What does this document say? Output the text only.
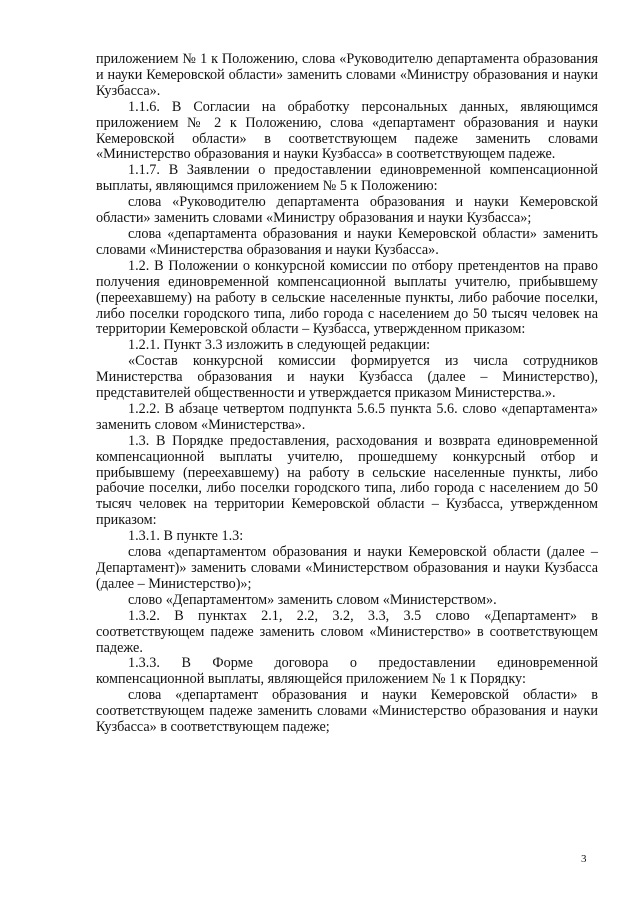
приложением № 1 к Положению, слова «Руководителю департамента образования и науки Кемеровской области» заменить словами «Министру образования и науки Кузбасса».

1.1.6. В Согласии на обработку персональных данных, являющимся приложением № 2 к Положению, слова «департамент образования и науки Кемеровской области» в соответствующем падеже заменить словами «Министерство образования и науки Кузбасса» в соответствующем падеже.

1.1.7. В Заявлении о предоставлении единовременной компенсационной выплаты, являющимся приложением № 5 к Положению:

слова «Руководителю департамента образования и науки Кемеровской области» заменить словами «Министру образования и науки Кузбасса»;

слова «департамента образования и науки Кемеровской области» заменить словами «Министерства образования и науки Кузбасса».

1.2. В Положении о конкурсной комиссии по отбору претендентов на право получения единовременной компенсационной выплаты учителю, прибывшему (переехавшему) на работу в сельские населенные пункты, либо рабочие поселки, либо поселки городского типа, либо города с населением до 50 тысяч человек на территории Кемеровской области – Кузбасса, утвержденном приказом:

1.2.1. Пункт 3.3 изложить в следующей редакции:

«Состав конкурсной комиссии формируется из числа сотрудников Министерства образования и науки Кузбасса (далее – Министерство), представителей общественности и утверждается приказом Министерства.».

1.2.2. В абзаце четвертом подпункта 5.6.5 пункта 5.6. слово «департамента» заменить словом «Министерства».

1.3. В Порядке предоставления, расходования и возврата единовременной компенсационной выплаты учителю, прошедшему конкурсный отбор и прибывшему (переехавшему) на работу в сельские населенные пункты, либо рабочие поселки, либо поселки городского типа, либо города с населением до 50 тысяч человек на территории Кемеровской области – Кузбасса, утвержденном приказом:

1.3.1. В пункте 1.3:

слова «департаментом образования и науки Кемеровской области (далее – Департамент)» заменить словами «Министерством образования и науки Кузбасса (далее – Министерство)»;

слово «Департаментом» заменить словом «Министерством».

1.3.2. В пунктах 2.1, 2.2, 3.2, 3.3, 3.5 слово «Департамент» в соответствующем падеже заменить словом «Министерство» в соответствующем падеже.

1.3.3. В Форме договора о предоставлении единовременной компенсационной выплаты, являющейся приложением № 1 к Порядку:

слова «департамент образования и науки Кемеровской области» в соответствующем падеже заменить словами «Министерство образования и науки Кузбасса» в соответствующем падеже;

3
